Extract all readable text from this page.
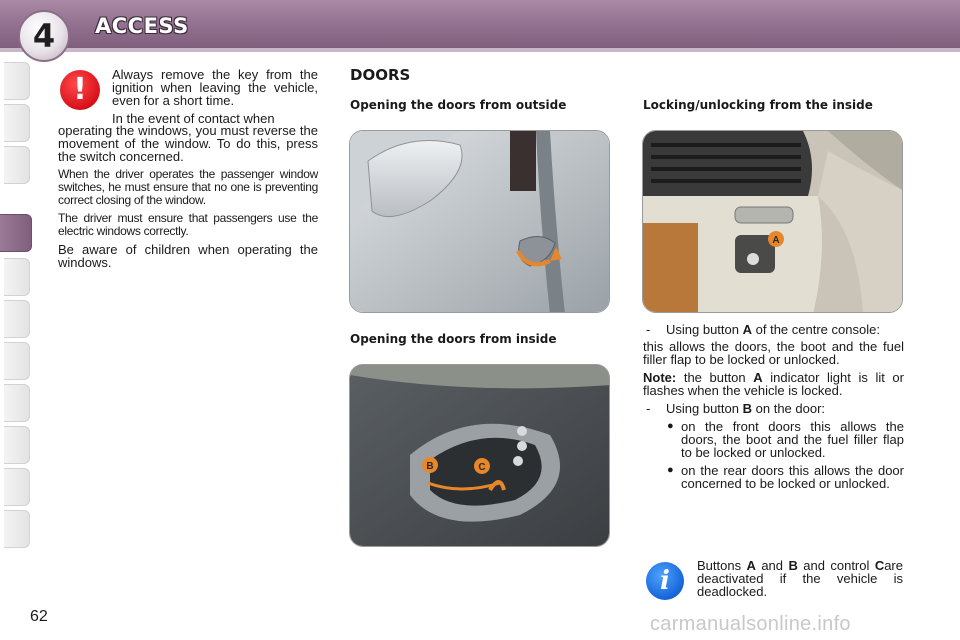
4	ACCESS
!	Always remove the key from the ignition when leaving the vehicle, even for a short time.

In the event of contact when

operating the windows, you must reverse the movement of the window. To do this, press the switch concerned.

When the driver operates the passenger window switches, he must ensure that no one is preventing correct closing of the window.

The driver must ensure that passengers use the electric windows correctly.

Be aware of children when operating the windows.

DOORS
Opening the doors from outside
Opening the doors from inside
B	C
Locking/unlocking from the inside
A

- Using button A of the centre console:

this allows the doors, the boot and the fuel filler flap to be locked or unlocked.

Note: the button A indicator light is lit or flashes when the vehicle is locked.

- Using button B on the door:

● on the front doors this allows the doors, the boot and the fuel filler flap to be locked or unlocked.

● on the rear doors this allows the door concerned to be locked or unlocked.

i

Buttons A and B and control Care deactivated if the vehicle is deadlocked.

62	carmanualsonline.info
